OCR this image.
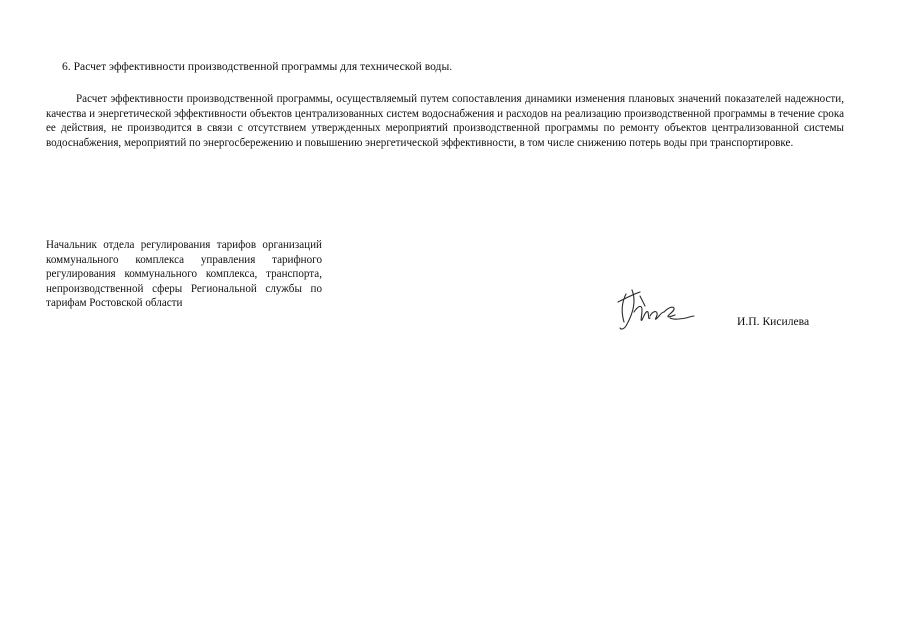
6. Расчет эффективности производственной программы для технической воды.

Расчет эффективности производственной программы, осуществляемый путем сопоставления динамики изменения плановых значений показателей надежности, качества и энергетической эффективности объектов централизованных систем водоснабжения и расходов на реализацию производственной программы в течение срока ее действия, не производится в связи с отсутствием утвержденных мероприятий производственной программы по ремонту объектов централизованной системы водоснабжения, мероприятий по энергосбережению и повышению энергетической эффективности, в том числе снижению потерь воды при транспортировке.

Начальник отдела регулирования тарифов организаций коммунального комплекса управления тарифного регулирования коммунального комплекса, транспорта, непроизводственной сферы Региональной службы по тарифам Ростовской области

И.П. Кисилева
